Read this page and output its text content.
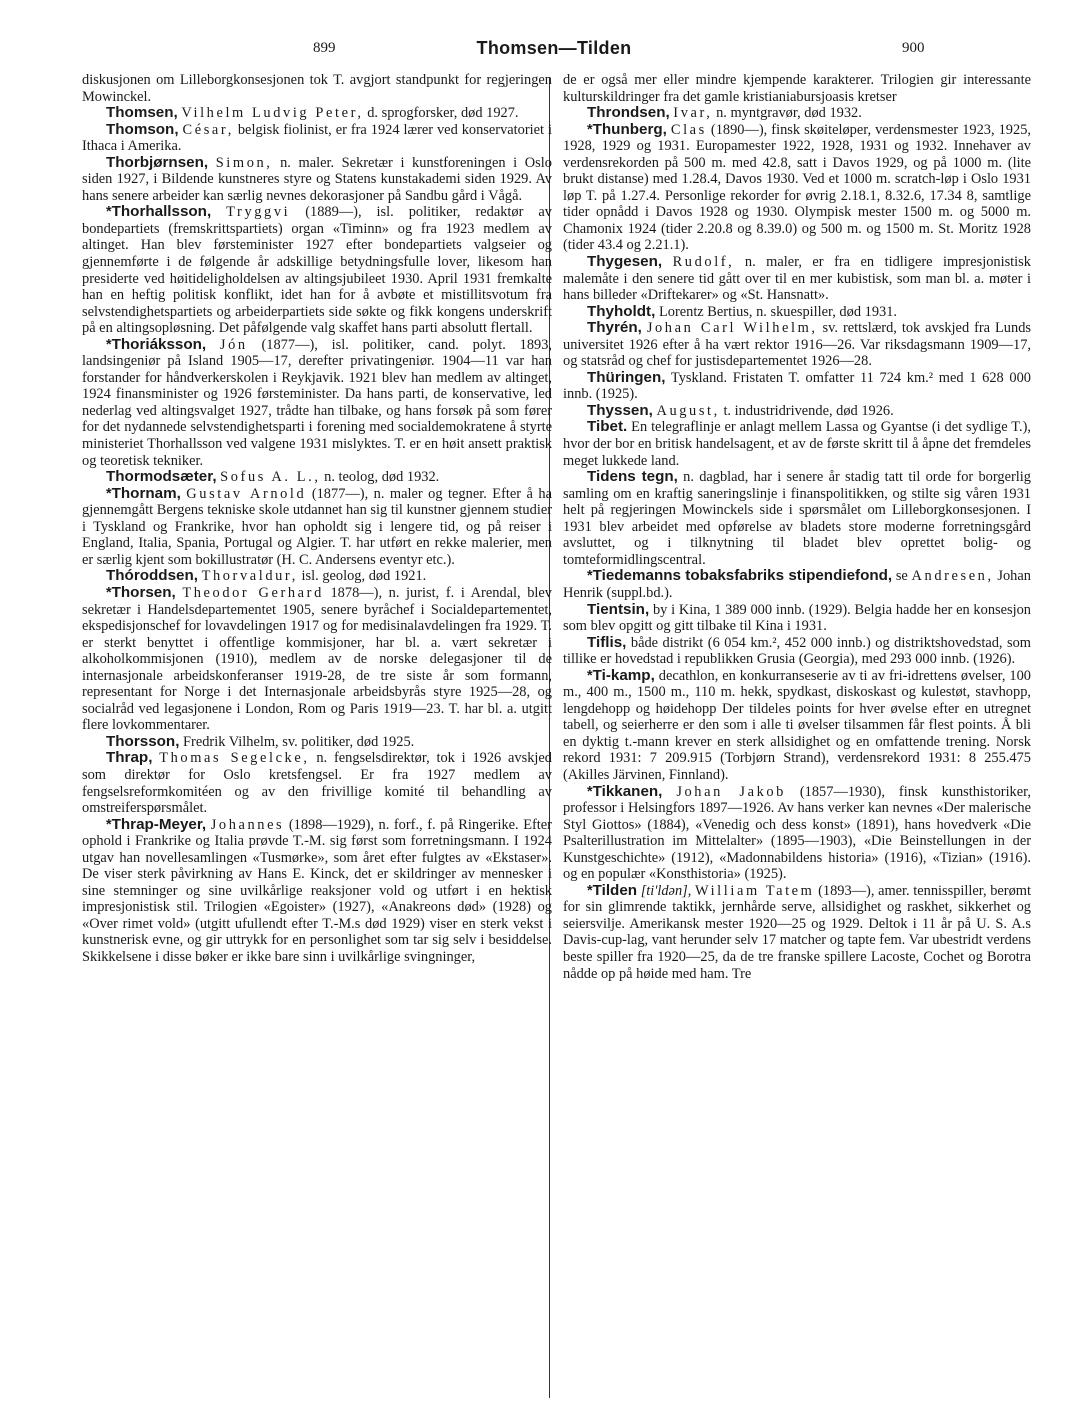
899	Thomsen—Tilden	900

diskusjonen om Lilleborgkonsesjonen tok T. avgjort standpunkt for regjeringen Mowinckel.

Thomsen, Vilhelm Ludvig Peter, d. sprogforsker, død 1927.

Thomson, César, belgisk fiolinist, er fra 1924 lærer ved konservatoriet i Ithaca i Amerika.

Thorbjørnsen, Simon, n. maler. Sekretær i kunstforeningen i Oslo siden 1927, i Bildende kunstneres styre og Statens kunstakademi siden 1929. Av hans senere arbeider kan særlig nevnes dekorasjoner på Sandbu gård i Vågå.

*Thorhallsson, Tryggvi (1889—), isl. politiker, redaktør av bondepartiets (fremskrittspartiets) organ «Timinn» og fra 1923 medlem av altinget. Han blev førsteminister 1927 efter bondepartiets valgseier og gjennemførte i de følgende år adskillige betydningsfulle lover, likesom han presiderte ved høitideligholdelsen av altingsjubileet 1930. April 1931 fremkalte han en heftig politisk konflikt, idet han for å avbøte et mistillitsvotum fra selvstendighetspartiets og arbeiderpartiets side søkte og fikk kongens underskrift på en altingsopløsning. Det påfølgende valg skaffet hans parti absolutt flertall.

*Thoriáksson, Jón (1877—), isl. politiker, cand. polyt. 1893, landsingeniør på Island 1905—17, derefter privatingeniør. 1904—11 var han forstander for håndverkerskolen i Reykjavik. 1921 blev han medlem av altinget, 1924 finansminister og 1926 førsteminister. Da hans parti, de konservative, led nederlag ved altingsvalget 1927, trådte han tilbake, og hans forsøk på som fører for det nydannede selvstendighetsparti i forening med socialdemokratene å styrte ministeriet Thorhallsson ved valgene 1931 mislyktes. T. er en høit ansett praktisk og teoretisk tekniker.

Thormodsæter, Sofus A. L., n. teolog, død 1932.

*Thornam, Gustav Arnold (1877—), n. maler og tegner. Efter å ha gjennemgått Bergens tekniske skole utdannet han sig til kunstner gjennem studier i Tyskland og Frankrike, hvor han opholdt sig i lengere tid, og på reiser i England, Italia, Spania, Portugal og Algier. T. har utført en rekke malerier, men er særlig kjent som bokillustratør (H. C. Andersens eventyr etc.).

Thóroddsen, Thorvaldur, isl. geolog, død 1921.

*Thorsen, Theodor Gerhard 1878—), n. jurist, f. i Arendal, blev sekretær i Handelsdepartementet 1905, senere byråchef i Socialdepartementet, ekspedisjonschef for lovavdelingen 1917 og for medisinalavdelingen fra 1929. T. er sterkt benyttet i offentlige kommisjoner, har bl. a. vært sekretær i alkoholkommisjonen (1910), medlem av de norske delegasjoner til de internasjonale arbeidskonferanser 1919-28, de tre siste år som formann, representant for Norge i det Internasjonale arbeidsbyrås styre 1925—28, og socialråd ved legasjonene i London, Rom og Paris 1919—23. T. har bl. a. utgitt flere lovkommentarer.

Thorsson, Fredrik Vilhelm, sv. politiker, død 1925.

Thrap, Thomas Segelcke, n. fengselsdirektør, tok i 1926 avskjed som direktør for Oslo kretsfengsel. Er fra 1927 medlem av fengselsreformkomitéen og av den frivillige komité til behandling av omstreiferspørsmålet.

*Thrap-Meyer, Johannes (1898—1929), n. forf., f. på Ringerike. Efter ophold i Frankrike og Italia prøvde T.-M. sig først som forretningsmann. I 1924 utgav han novellesamlingen «Tusmørke», som året efter fulgtes av «Ekstaser». De viser sterk påvirkning av Hans E. Kinck, det er skildringer av mennesker i sine stemninger og sine uvilkårlige reaksjoner vold og utført i en hektisk impresjonistisk stil. Trilogien «Egoister» (1927), «Anakreons død» (1928) og «Over rimet vold» (utgitt ufullendt efter T.-M.s død 1929) viser en sterk vekst i kunstnerisk evne, og gir uttrykk for en personlighet som tar sig selv i besiddelse. Skikkelsene i disse bøker er ikke bare sinn i uvilkårlige svingninger,

de er også mer eller mindre kjempende karakterer. Trilogien gir interessante kulturskildringer fra det gamle kristianiabursjoasis kretser

Throndsen, Ivar, n. myntgravør, død 1932.

*Thunberg, Clas (1890—), finsk skøiteløper, verdensmester 1923, 1925, 1928, 1929 og 1931. Europamester 1922, 1928, 1931 og 1932. Innehaver av verdensrekorden på 500 m. med 42.8, satt i Davos 1929, og på 1000 m. (lite brukt distanse) med 1.28.4, Davos 1930. Ved et 1000 m. scratch-løp i Oslo 1931 løp T. på 1.27.4. Personlige rekorder for øvrig 2.18.1, 8.32.6, 17.34 8, samtlige tider opnådd i Davos 1928 og 1930. Olympisk mester 1500 m. og 5000 m. Chamonix 1924 (tider 2.20.8 og 8.39.0) og 500 m. og 1500 m. St. Moritz 1928 (tider 43.4 og 2.21.1).

Thygesen, Rudolf, n. maler, er fra en tidligere impresjonistisk malemåte i den senere tid gått over til en mer kubistisk, som man bl. a. møter i hans billeder «Driftekarer» og «St. Hansnatt».

Thyholdt, Lorentz Bertius, n. skuespiller, død 1931.

Thyrén, Johan Carl Wilhelm, sv. rettslærd, tok avskjed fra Lunds universitet 1926 efter å ha vært rektor 1916—26. Var riksdagsmann 1909—17, og statsråd og chef for justisdepartementet 1926—28.

Thüringen, Tyskland. Fristaten T. omfatter 11 724 km.² med 1 628 000 innb. (1925).

Thyssen, August, t. industridrivende, død 1926.

Tibet. En telegraflinje er anlagt mellem Lassa og Gyantse (i det sydlige T.), hvor der bor en britisk handelsagent, et av de første skritt til å åpne det fremdeles meget lukkede land.

Tidens tegn, n. dagblad, har i senere år stadig tatt til orde for borgerlig samling om en kraftig saneringslinje i finanspolitikken, og stilte sig våren 1931 helt på regjeringen Mowinckels side i spørsmålet om Lilleborgkonsesjonen. I 1931 blev arbeidet med opførelse av bladets store moderne forretningsgård avsluttet, og i tilknytning til bladet blev oprettet bolig- og tomteformidlingscentral.

*Tiedemanns tobaksfabriks stipendiefond, se Andresen, Johan Henrik (suppl.bd.).

Tientsin, by i Kina, 1 389 000 innb. (1929). Belgia hadde her en konsesjon som blev opgitt og gitt tilbake til Kina i 1931.

Tiflis, både distrikt (6 054 km.², 452 000 innb.) og distriktshovedstad, som tillike er hovedstad i republikken Grusia (Georgia), med 293 000 innb. (1926).

*Ti-kamp, decathlon, en konkurranseserie av ti av fri-idrettens øvelser, 100 m., 400 m., 1500 m., 110 m. hekk, spydkast, diskoskast og kulestøt, stavhopp, lengdehopp og høidehopp Der tildeles points for hver øvelse efter en utregnet tabell, og seierherre er den som i alle ti øvelser tilsammen får flest points. Å bli en dyktig t.-mann krever en sterk allsidighet og en omfattende trening. Norsk rekord 1931: 7 209.915 (Torbjørn Strand), verdensrekord 1931: 8 255.475 (Akilles Järvinen, Finnland).

*Tikkanen, Johan Jakob (1857—1930), finsk kunsthistoriker, professor i Helsingfors 1897—1926. Av hans verker kan nevnes «Der malerische Styl Giottos» (1884), «Venedig och dess konst» (1891), hans hovedverk «Die Psalterillustration im Mittelalter» (1895—1903), «Die Beinstellungen in der Kunstgeschichte» (1912), «Madonnabildens historia» (1916), «Tizian» (1916). og en populær «Konsthistoria» (1925).

*Tilden [ti'ldən], William Tatem (1893—), amer. tennisspiller, berømt for sin glimrende taktikk, jernhårde serve, allsidighet og raskhet, sikkerhet og seiersvilje. Amerikansk mester 1920—25 og 1929. Deltok i 11 år på U. S. A.s Davis-cup-lag, vant herunder selv 17 matcher og tapte fem. Var ubestridt verdens beste spiller fra 1920—25, da de tre franske spillere Lacoste, Cochet og Borotra nådde op på høide med ham. Tre
